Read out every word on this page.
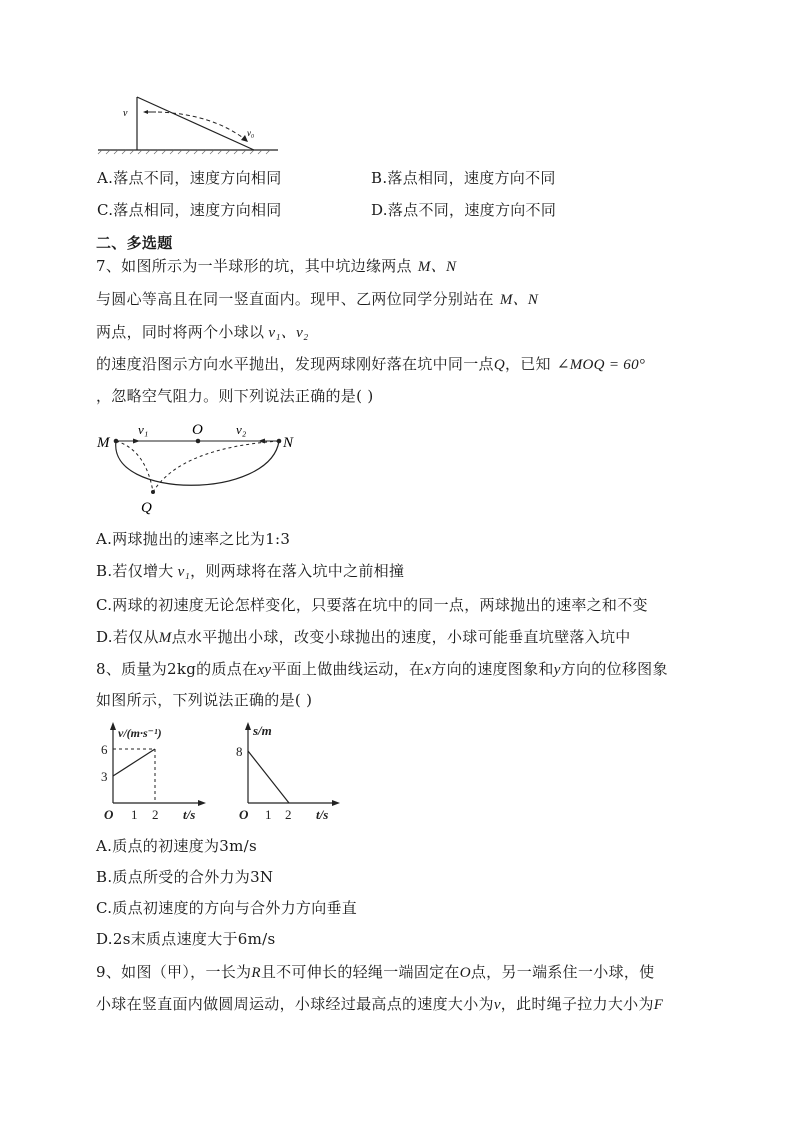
v
v₀
A.落点不同，速度方向相同	B.落点相同，速度方向不同
C.落点相同，速度方向相同	D.落点不同，速度方向不同
二、多选题
7、如图所示为一半球形的坑，其中坑边缘两点 M、N
与圆心等高且在同一竖直面内。现甲、乙两位同学分别站在 M、N
两点，同时将两个小球以 v₁、v₂
的速度沿图示方向水平抛出，发现两球刚好落在坑中同一点Q，已知 ∠MOQ = 60°
，忽略空气阻力。则下列说法正确的是( )
M
v₁	O	v₂
N
Q
A.两球抛出的速率之比为1:3
B.若仅增大 v₁，则两球将在落入坑中之前相撞
C.两球的初速度无论怎样变化，只要落在坑中的同一点，两球抛出的速率之和不变
D.若仅从M点水平抛出小球，改变小球抛出的速度，小球可能垂直坑壁落入坑中
8、质量为2kg的质点在xy平面上做曲线运动，在x方向的速度图象和y方向的位移图象
如图所示，下列说法正确的是( )
v/(m·s⁻¹)
6
3
O 1 2 t/s
s/m
8
O 1 2 t/s
A.质点的初速度为3m/s
B.质点所受的合外力为3N
C.质点初速度的方向与合外力方向垂直
D.2s末质点速度大于6m/s
9、如图（甲），一长为R且不可伸长的轻绳一端固定在O点，另一端系住一小球，使
小球在竖直面内做圆周运动，小球经过最高点的速度大小为v，此时绳子拉力大小为F
